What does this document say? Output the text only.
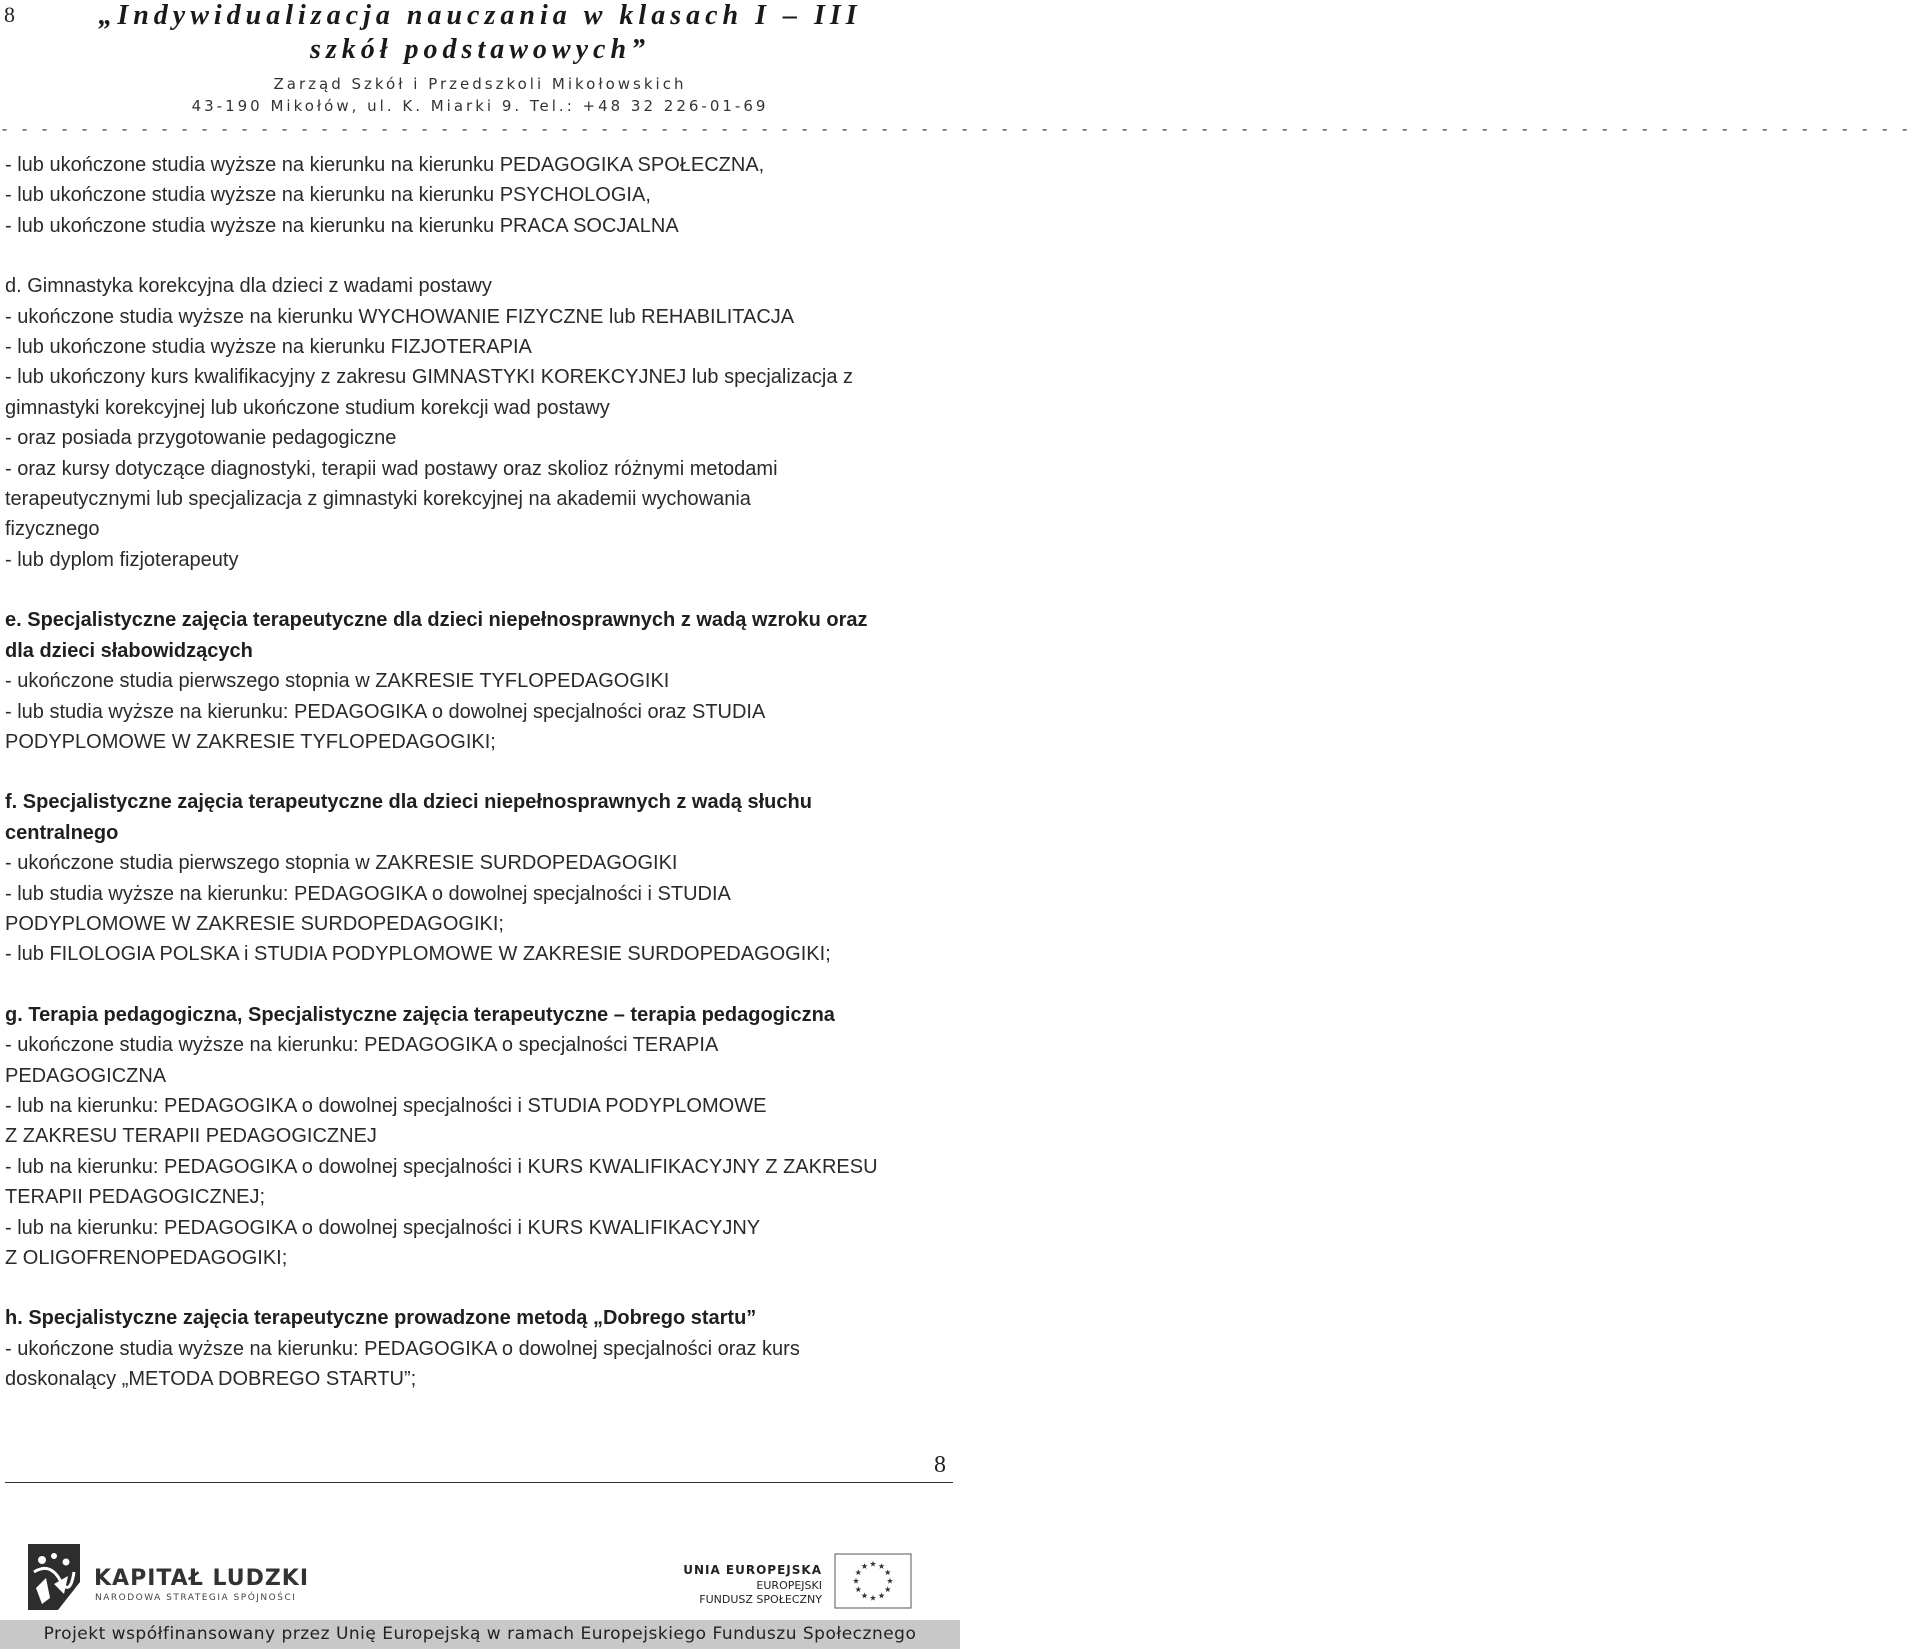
8	„Indywidualizacja nauczania w klasach I – III
szkół podstawowych”
Zarząd Szkół i Przedszkoli Mikołowskich
43-190 Mikołów, ul. K. Miarki 9. Tel.: +48 32 226-01-69
- - - - - - - - - - - - - - - - - - - - - - - - - - - - - - - - - - - - - - - - - - - - - - - - - - - - - - - - - - - - - - - - - - - - - - - - - - - - - - - - - - - - - - - - - - - - - - - -
- lub ukończone studia wyższe na kierunku na kierunku PEDAGOGIKA SPOŁECZNA,
- lub ukończone studia wyższe na kierunku na kierunku PSYCHOLOGIA,
- lub ukończone studia wyższe na kierunku na kierunku PRACA SOCJALNA
d. Gimnastyka korekcyjna dla dzieci z wadami postawy
- ukończone studia wyższe na kierunku WYCHOWANIE FIZYCZNE lub REHABILITACJA
- lub ukończone studia wyższe na kierunku FIZJOTERAPIA
- lub ukończony kurs kwalifikacyjny z zakresu GIMNASTYKI KOREKCYJNEJ lub specjalizacja z
gimnastyki korekcyjnej lub ukończone studium korekcji wad postawy
- oraz posiada przygotowanie pedagogiczne
- oraz kursy dotyczące diagnostyki, terapii wad postawy oraz skolioz różnymi metodami
terapeutycznymi lub specjalizacja z gimnastyki korekcyjnej na akademii wychowania
fizycznego
- lub dyplom fizjoterapeuty
e. Specjalistyczne zajęcia terapeutyczne dla dzieci niepełnosprawnych z wadą wzroku oraz
dla dzieci słabowidzących
- ukończone studia pierwszego stopnia w ZAKRESIE TYFLOPEDAGOGIKI
- lub studia wyższe na kierunku: PEDAGOGIKA o dowolnej specjalności oraz STUDIA
PODYPLOMOWE W ZAKRESIE TYFLOPEDAGOGIKI;
f. Specjalistyczne zajęcia terapeutyczne dla dzieci niepełnosprawnych z wadą słuchu
centralnego
- ukończone studia pierwszego stopnia w ZAKRESIE SURDOPEDAGOGIKI
- lub studia wyższe na kierunku: PEDAGOGIKA o dowolnej specjalności i STUDIA
PODYPLOMOWE W ZAKRESIE SURDOPEDAGOGIKI;
- lub FILOLOGIA POLSKA i STUDIA PODYPLOMOWE W ZAKRESIE SURDOPEDAGOGIKI;
g. Terapia pedagogiczna, Specjalistyczne zajęcia terapeutyczne – terapia pedagogiczna
- ukończone studia wyższe na kierunku: PEDAGOGIKA o specjalności TERAPIA
PEDAGOGICZNA
- lub na kierunku: PEDAGOGIKA o dowolnej specjalności i STUDIA PODYPLOMOWE
Z ZAKRESU TERAPII PEDAGOGICZNEJ
- lub na kierunku: PEDAGOGIKA o dowolnej specjalności i KURS KWALIFIKACYJNY Z ZAKRESU
TERAPII PEDAGOGICZNEJ;
- lub na kierunku: PEDAGOGIKA o dowolnej specjalności i KURS KWALIFIKACYJNY
Z OLIGOFRENOPEDAGOGIKI;
h. Specjalistyczne zajęcia terapeutyczne prowadzone metodą „Dobrego startu”
- ukończone studia wyższe na kierunku: PEDAGOGIKA o dowolnej specjalności oraz kurs
doskonalący „METODA DOBREGO STARTU”;
8
KAPITAŁ LUDZKI
NARODOWA STRATEGIA SPÓJNOŚCI
UNIA EUROPEJSKA
EUROPEJSKI
FUNDUSZ SPOŁECZNY
Projekt współfinansowany przez Unię Europejską w ramach Europejskiego Funduszu Społecznego
